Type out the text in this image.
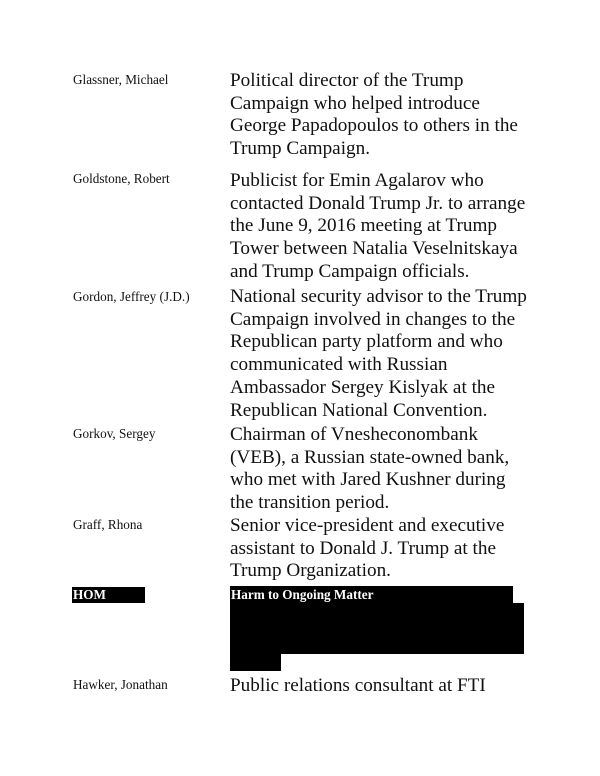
Glassner, Michael	Political director of the Trump
Campaign who helped introduce
George Papadopoulos to others in the
Trump Campaign.
Goldstone, Robert	Publicist for Emin Agalarov who
contacted Donald Trump Jr. to arrange
the June 9, 2016 meeting at Trump
Tower between Natalia Veselnitskaya
and Trump Campaign officials.
Gordon, Jeffrey (J.D.) National security advisor to the Trump
Campaign involved in changes to the
Republican party platform and who
communicated with Russian
Ambassador Sergey Kislyak at the
Republican National Convention.
Gorkov, Sergey	Chairman of Vnesheconombank
(VEB), a Russian state-owned bank,
who met with Jared Kushner during
the transition period.
Graff, Rhona	Senior vice-president and executive
assistant to Donald J. Trump at the
Trump Organization.
HOM	Harm to Ongoing Matter
Hawker, Jonathan	Public relations consultant at FTI
